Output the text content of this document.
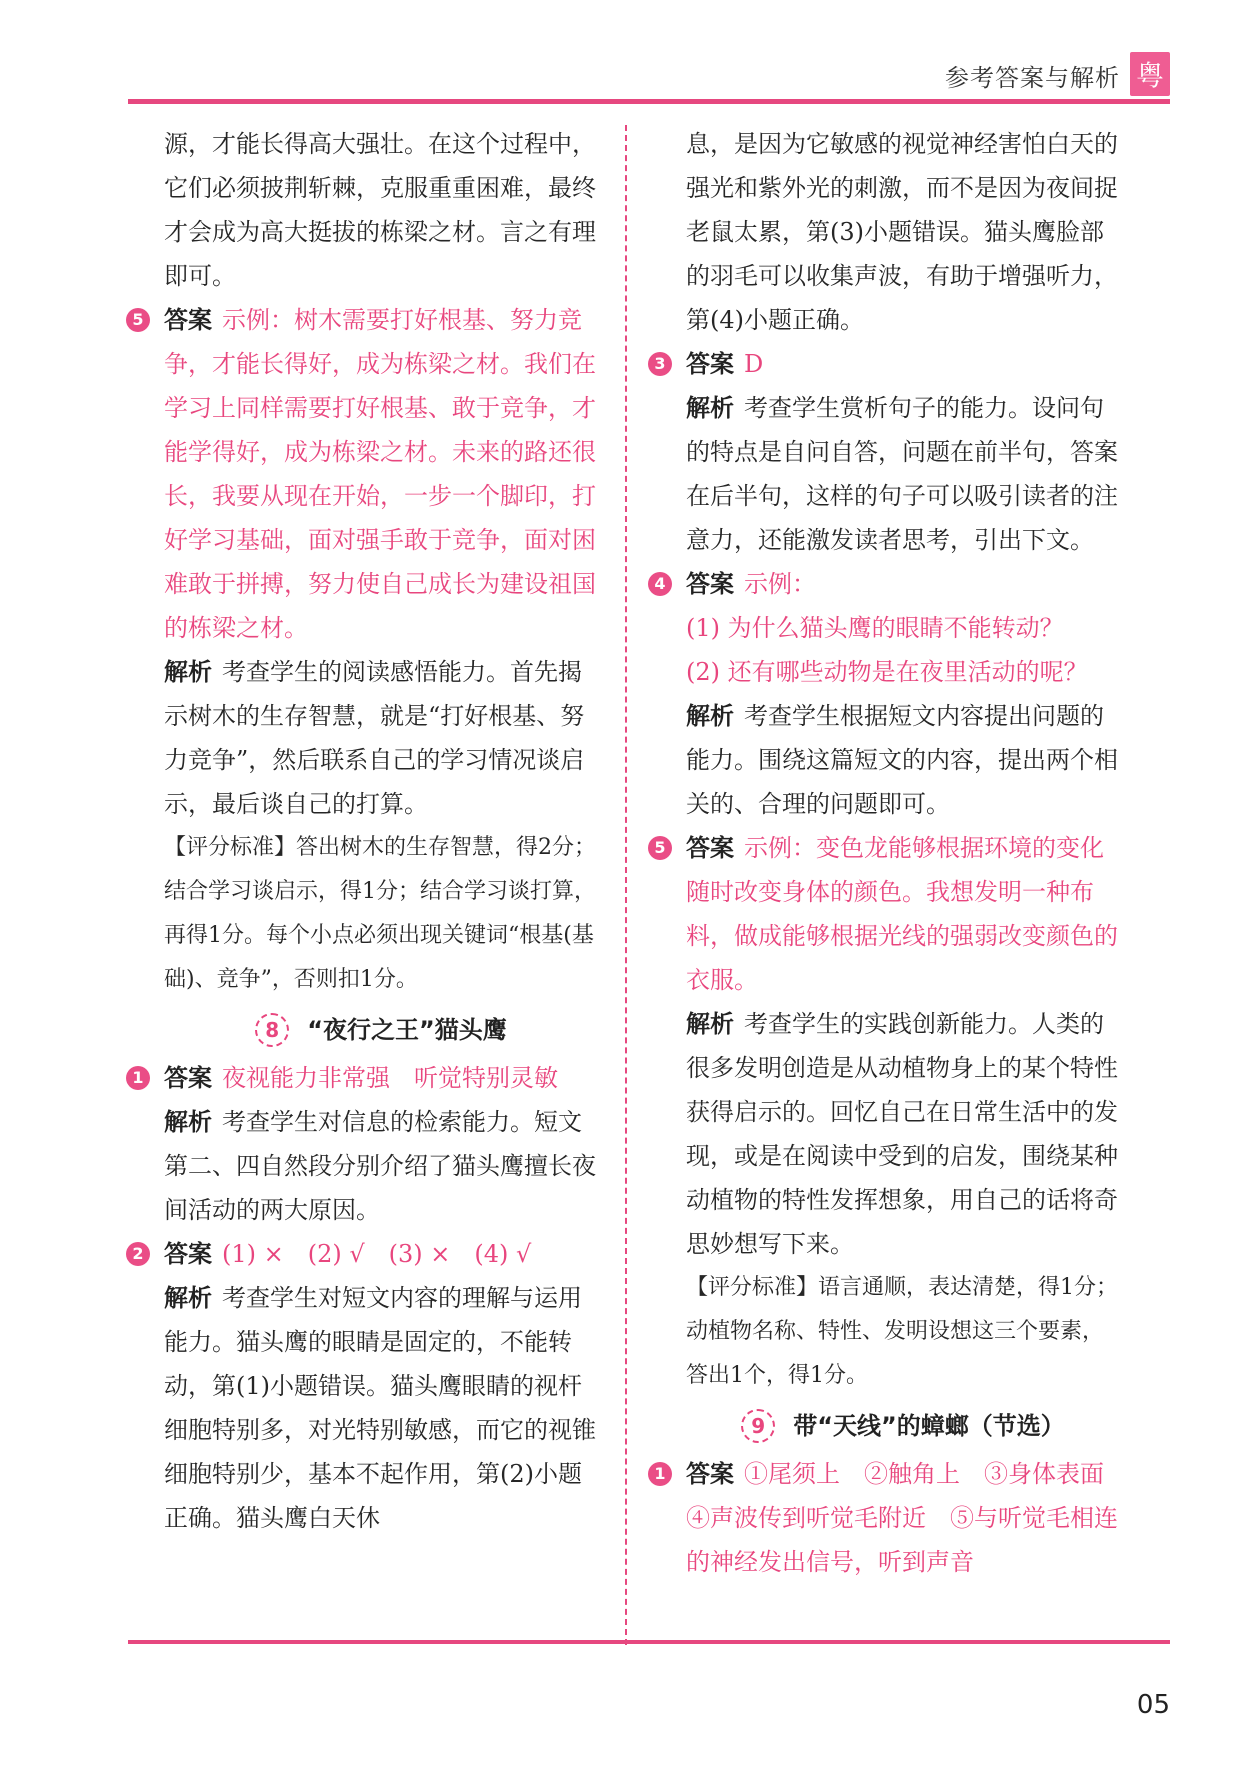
参考答案与解析 粤

源，才能长得高大强壮。在这个过程中，它们必须披荆斩棘，克服重重困难，最终才会成为高大挺拔的栋梁之材。言之有理即可。

5 答案 示例：树木需要打好根基、努力竞争，才能长得好，成为栋梁之材。我们在学习上同样需要打好根基、敢于竞争，才能学得好，成为栋梁之材。未来的路还很长，我要从现在开始，一步一个脚印，打好学习基础，面对强手敢于竞争，面对困难敢于拼搏，努力使自己成长为建设祖国的栋梁之材。

解析 考查学生的阅读感悟能力。首先揭示树木的生存智慧，就是“打好根基、努力竞争”，然后联系自己的学习情况谈启示，最后谈自己的打算。

【评分标准】答出树木的生存智慧，得2分；结合学习谈启示，得1分；结合学习谈打算，再得1分。每个小点必须出现关键词“根基(基础)、竞争”，否则扣1分。

8	“夜行之王”猫头鹰
1 答案 夜视能力非常强　听觉特别灵敏

解析 考查学生对信息的检索能力。短文第二、四自然段分别介绍了猫头鹰擅长夜间活动的两大原因。

2 答案 (1) ×　(2) √　(3) ×　(4) √

解析 考查学生对短文内容的理解与运用能力。猫头鹰的眼睛是固定的，不能转动，第(1)小题错误。猫头鹰眼睛的视杆细胞特别多，对光特别敏感，而它的视锥细胞特别少，基本不起作用，第(2)小题正确。猫头鹰白天休

息，是因为它敏感的视觉神经害怕白天的强光和紫外光的刺激，而不是因为夜间捉老鼠太累，第(3)小题错误。猫头鹰脸部的羽毛可以收集声波，有助于增强听力，第(4)小题正确。

3 答案 D

解析 考查学生赏析句子的能力。设问句的特点是自问自答，问题在前半句，答案在后半句，这样的句子可以吸引读者的注意力，还能激发读者思考，引出下文。

4 答案 示例：

(1) 为什么猫头鹰的眼睛不能转动？

(2) 还有哪些动物是在夜里活动的呢？

解析 考查学生根据短文内容提出问题的能力。围绕这篇短文的内容，提出两个相关的、合理的问题即可。

5 答案 示例：变色龙能够根据环境的变化随时改变身体的颜色。我想发明一种布料，做成能够根据光线的强弱改变颜色的衣服。

解析 考查学生的实践创新能力。人类的很多发明创造是从动植物身上的某个特性获得启示的。回忆自己在日常生活中的发现，或是在阅读中受到的启发，围绕某种动植物的特性发挥想象，用自己的话将奇思妙想写下来。

【评分标准】语言通顺，表达清楚，得1分；动植物名称、特性、发明设想这三个要素，答出1个，得1分。

9	带“天线”的蟑螂（节选）
1 答案 ①尾须上　②触角上　③身体表面　④声波传到听觉毛附近　⑤与听觉毛相连的神经发出信号，听到声音

05
